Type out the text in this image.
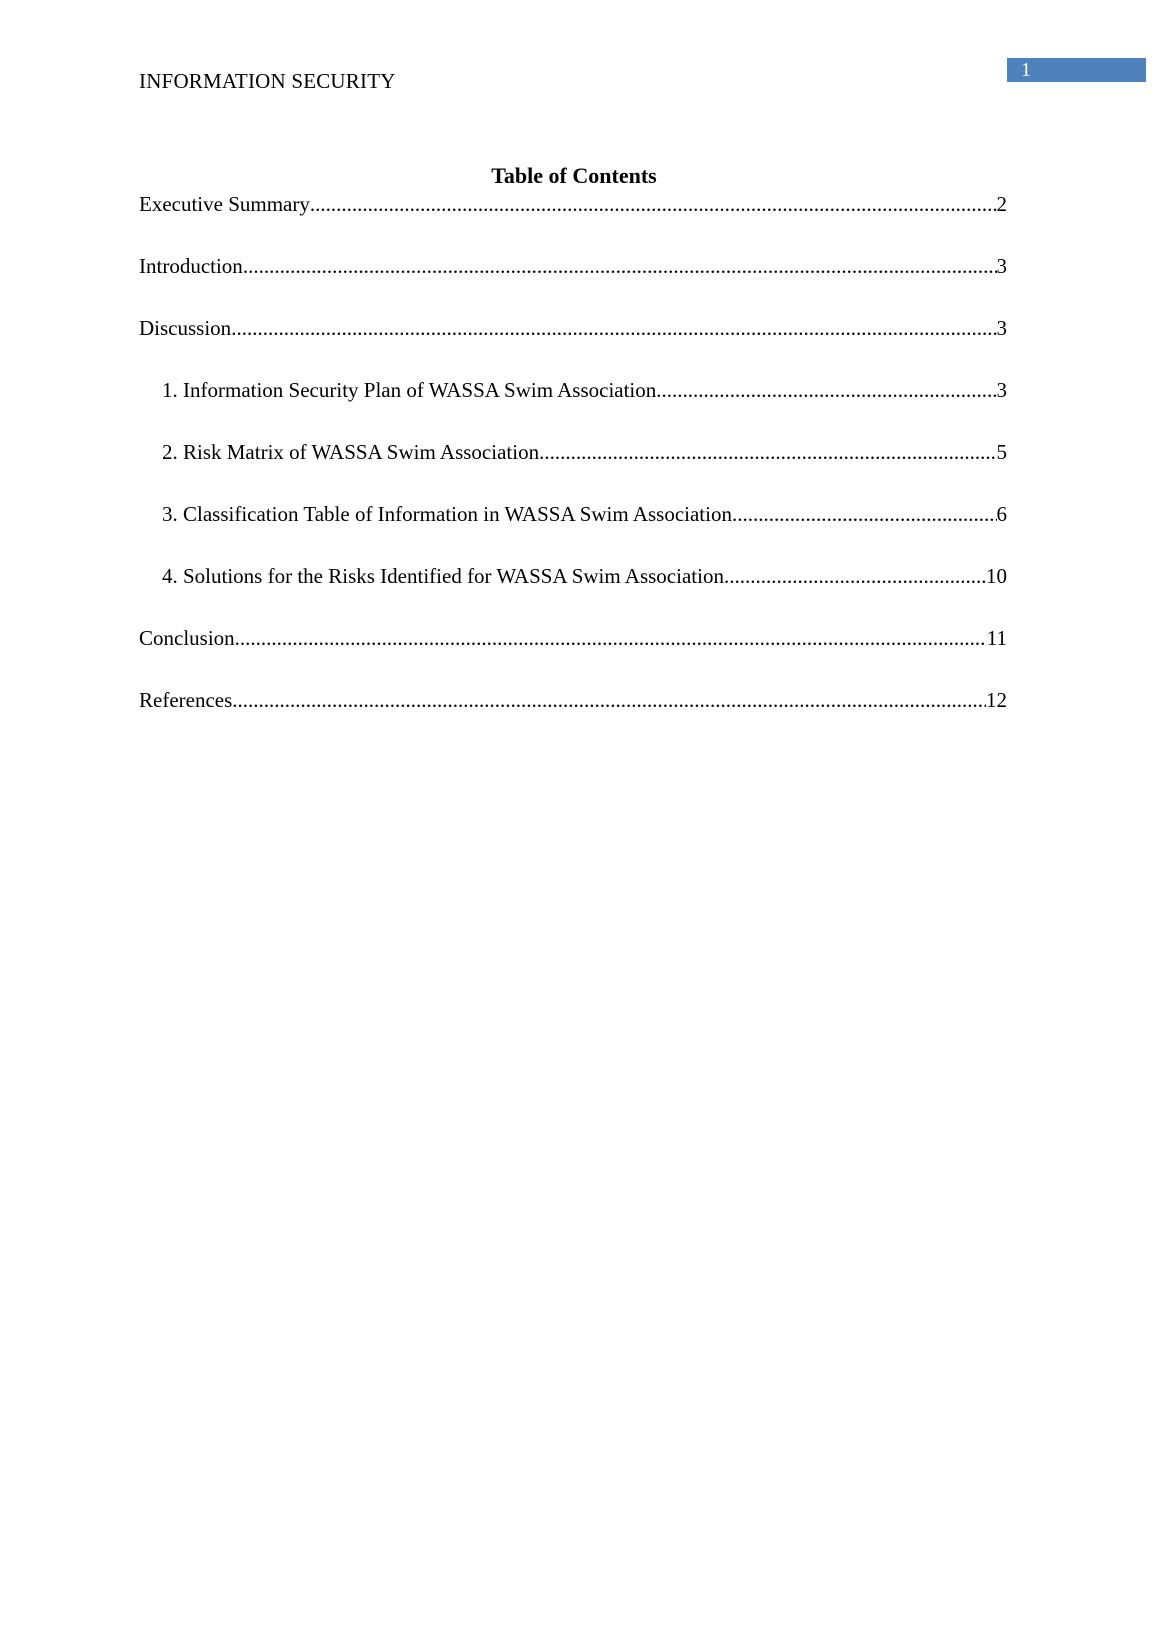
1
INFORMATION SECURITY
Table of Contents
Executive Summary .....	2
Introduction .....	3
Discussion .....	3
1. Information Security Plan of WASSA Swim Association .....	3
2. Risk Matrix of WASSA Swim Association .....	5
3. Classification Table of Information in WASSA Swim Association .....	6
4. Solutions for the Risks Identified for WASSA Swim Association .....	10
Conclusion .....	11
References .....	12
